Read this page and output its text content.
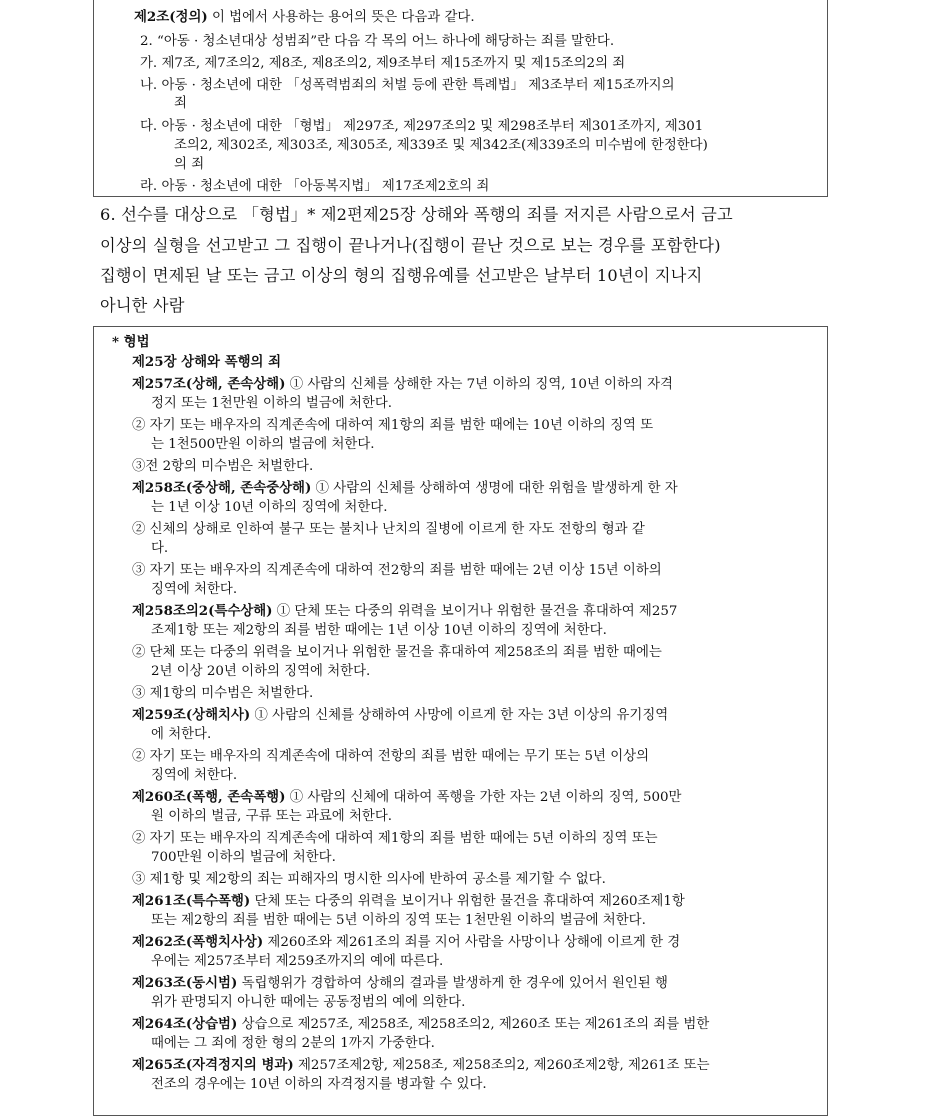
제2조(정의) 이 법에서 사용하는 용어의 뜻은 다음과 같다.
2. “아동 · 청소년대상 성범죄”란 다음 각 목의 어느 하나에 해당하는 죄를 말한다.
가. 제7조, 제7조의2, 제8조, 제8조의2, 제9조부터 제15조까지 및 제15조의2의 죄
나. 아동 · 청소년에 대한 「성폭력범죄의 처벌 등에 관한 특례법」 제3조부터 제15조까지의
죄
다. 아동 · 청소년에 대한 「형법」 제297조, 제297조의2 및 제298조부터 제301조까지, 제301
조의2, 제302조, 제303조, 제305조, 제339조 및 제342조(제339조의 미수범에 한정한다)
의 죄
라. 아동 · 청소년에 대한 「아동복지법」 제17조제2호의 죄
6. 선수를 대상으로 「형법」* 제2편제25장 상해와 폭행의 죄를 저지른 사람으로서 금고
이상의 실형을 선고받고 그 집행이 끝나거나(집행이 끝난 것으로 보는 경우를 포함한다)
집행이 면제된 날 또는 금고 이상의 형의 집행유예를 선고받은 날부터 10년이 지나지
아니한 사람
* 형법
제25장 상해와 폭행의 죄
제257조(상해, 존속상해) ① 사람의 신체를 상해한 자는 7년 이하의 징역, 10년 이하의 자격
정지 또는 1천만원 이하의 벌금에 처한다.
② 자기 또는 배우자의 직계존속에 대하여 제1항의 죄를 범한 때에는 10년 이하의 징역 또
는 1천500만원 이하의 벌금에 처한다.
③전 2항의 미수범은 처벌한다.
제258조(중상해, 존속중상해) ① 사람의 신체를 상해하여 생명에 대한 위험을 발생하게 한 자
는 1년 이상 10년 이하의 징역에 처한다.
② 신체의 상해로 인하여 불구 또는 불치나 난치의 질병에 이르게 한 자도 전항의 형과 같
다.
③ 자기 또는 배우자의 직계존속에 대하여 전2항의 죄를 범한 때에는 2년 이상 15년 이하의
징역에 처한다.
제258조의2(특수상해) ① 단체 또는 다중의 위력을 보이거나 위험한 물건을 휴대하여 제257
조제1항 또는 제2항의 죄를 범한 때에는 1년 이상 10년 이하의 징역에 처한다.
② 단체 또는 다중의 위력을 보이거나 위험한 물건을 휴대하여 제258조의 죄를 범한 때에는
2년 이상 20년 이하의 징역에 처한다.
③ 제1항의 미수범은 처벌한다.
제259조(상해치사) ① 사람의 신체를 상해하여 사망에 이르게 한 자는 3년 이상의 유기징역
에 처한다.
② 자기 또는 배우자의 직계존속에 대하여 전항의 죄를 범한 때에는 무기 또는 5년 이상의
징역에 처한다.
제260조(폭행, 존속폭행) ① 사람의 신체에 대하여 폭행을 가한 자는 2년 이하의 징역, 500만
원 이하의 벌금, 구류 또는 과료에 처한다.
② 자기 또는 배우자의 직계존속에 대하여 제1항의 죄를 범한 때에는 5년 이하의 징역 또는
700만원 이하의 벌금에 처한다.
③ 제1항 및 제2항의 죄는 피해자의 명시한 의사에 반하여 공소를 제기할 수 없다.
제261조(특수폭행) 단체 또는 다중의 위력을 보이거나 위험한 물건을 휴대하여 제260조제1항
또는 제2항의 죄를 범한 때에는 5년 이하의 징역 또는 1천만원 이하의 벌금에 처한다.
제262조(폭행치사상) 제260조와 제261조의 죄를 지어 사람을 사망이나 상해에 이르게 한 경
우에는 제257조부터 제259조까지의 예에 따른다.
제263조(동시범) 독립행위가 경합하여 상해의 결과를 발생하게 한 경우에 있어서 원인된 행
위가 판명되지 아니한 때에는 공동정범의 예에 의한다.
제264조(상습범) 상습으로 제257조, 제258조, 제258조의2, 제260조 또는 제261조의 죄를 범한
때에는 그 죄에 정한 형의 2분의 1까지 가중한다.
제265조(자격정지의 병과) 제257조제2항, 제258조, 제258조의2, 제260조제2항, 제261조 또는
전조의 경우에는 10년 이하의 자격정지를 병과할 수 있다.
